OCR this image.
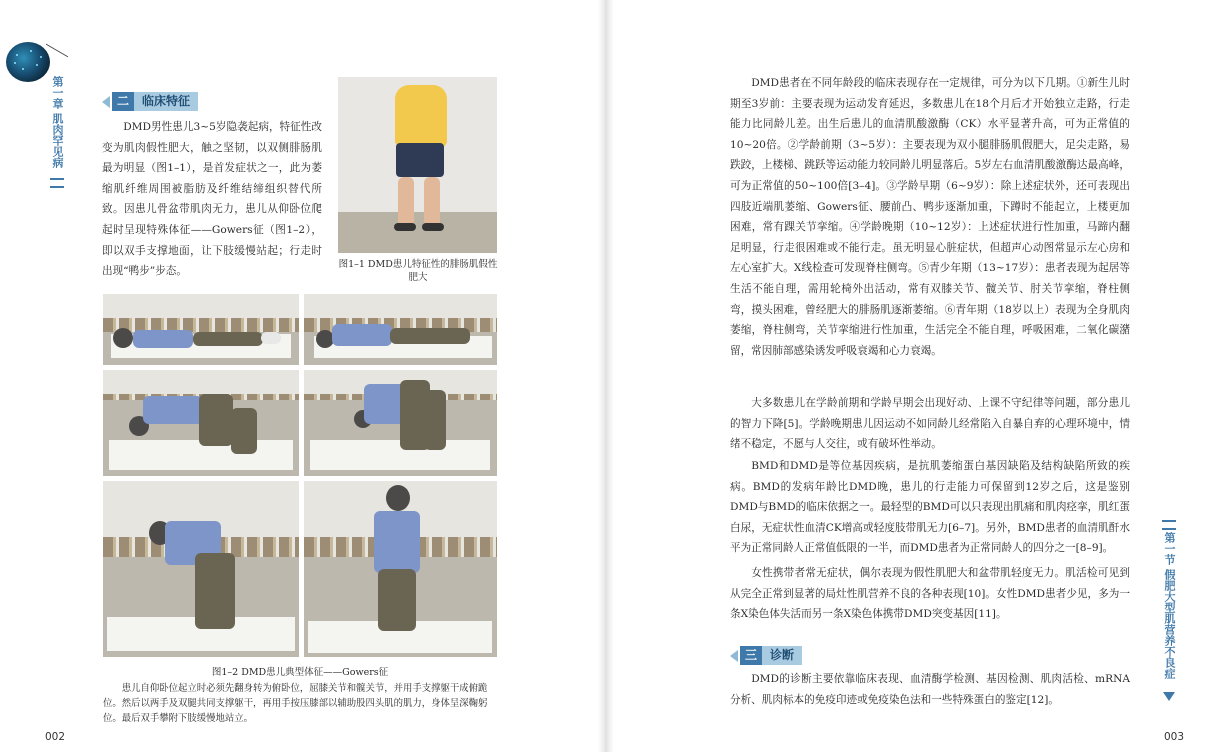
第一章 肌肉罕见病	二	临床特征

DMD男性患儿3~5岁隐袭起病，特征性改变为肌肉假性肥大，触之坚韧，以双侧腓肠肌最为明显（图1–1），是首发症状之一，此为萎缩肌纤维周围被脂肪及纤维结缔组织替代所致。因患儿骨盆带肌肉无力，患儿从仰卧位爬起时呈现特殊体征——Gowers征（图1–2），即以双手支撑地面，让下肢缓慢站起；行走时出现“鸭步”步态。

图1–1 DMD患儿特征性的腓肠肌假性肥大
图1–2 DMD患儿典型体征——Gowers征
患儿自仰卧位起立时必须先翻身转为俯卧位，屈膝关节和髋关节，并用手支撑躯干成俯跪位。然后以两手及双腿共同支撑躯干，再用手按压膝部以辅助股四头肌的肌力，身体呈深鞠躬位。最后双手攀附下肢缓慢地站立。
002

DMD患者在不同年龄段的临床表现存在一定规律，可分为以下几期。①新生儿时期至3岁前：主要表现为运动发育延迟，多数患儿在18个月后才开始独立走路，行走能力比同龄儿差。出生后患儿的血清肌酸激酶（CK）水平显著升高，可为正常值的10~20倍。②学龄前期（3~5岁）：主要表现为双小腿腓肠肌假肥大，足尖走路，易跌跤，上楼梯、跳跃等运动能力较同龄儿明显落后。5岁左右血清肌酸激酶达最高峰，可为正常值的50~100倍[3–4]。③学龄早期（6~9岁）：除上述症状外，还可表现出四肢近端肌萎缩、Gowers征、腰前凸、鸭步逐渐加重，下蹲时不能起立，上楼更加困难，常有踝关节挛缩。④学龄晚期（10~12岁）：上述症状进行性加重，马蹄内翻足明显，行走很困难或不能行走。虽无明显心脏症状，但超声心动图常显示左心房和左心室扩大。X线检查可发现脊柱侧弯。⑤青少年期（13~17岁）：患者表现为起居等生活不能自理，需用轮椅外出活动，常有双膝关节、髋关节、肘关节挛缩，脊柱侧弯，摸头困难，曾经肥大的腓肠肌逐渐萎缩。⑥青年期（18岁以上）表现为全身肌肉萎缩，脊柱侧弯，关节挛缩进行性加重，生活完全不能自理，呼吸困难，二氧化碳潴留，常因肺部感染诱发呼吸衰竭和心力衰竭。

大多数患儿在学龄前期和学龄早期会出现好动、上课不守纪律等问题，部分患儿的智力下降[5]。学龄晚期患儿因运动不如同龄儿经常陷入自暴自弃的心理环境中，情绪不稳定，不愿与人交往，或有破坏性举动。

BMD和DMD是等位基因疾病，是抗肌萎缩蛋白基因缺陷及结构缺陷所致的疾病。BMD的发病年龄比DMD晚，患儿的行走能力可保留到12岁之后，这是鉴别DMD与BMD的临床依据之一。最轻型的BMD可以只表现出肌痛和肌肉痉挛，肌红蛋白尿，无症状性血清CK增高或轻度肢带肌无力[6–7]。另外，BMD患者的血清肌酐水平为正常同龄人正常值低限的一半，而DMD患者为正常同龄人的四分之一[8–9]。

女性携带者常无症状，偶尔表现为假性肌肥大和盆带肌轻度无力。肌活检可见到从完全正常到显著的局灶性肌营养不良的各种表现[10]。女性DMD患者少见，多为一条X染色体失活而另一条X染色体携带DMD突变基因[11]。

三	诊断

DMD的诊断主要依靠临床表现、血清酶学检测、基因检测、肌肉活检、mRNA分析、肌肉标本的免疫印迹或免疫染色法和一些特殊蛋白的鉴定[12]。

第一节 假肥大型肌营养不良症
003
